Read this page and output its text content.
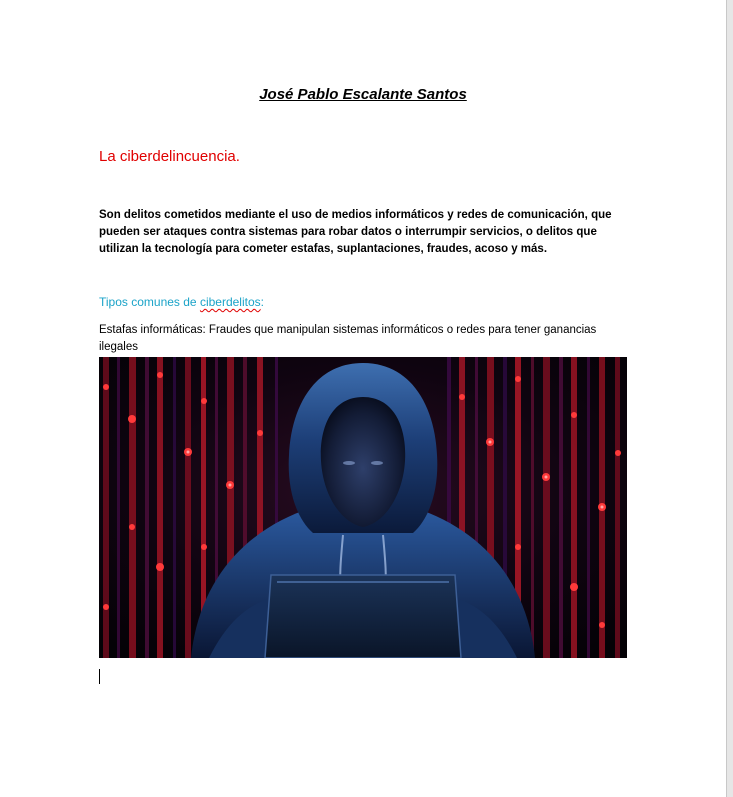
José Pablo Escalante Santos
La ciberdelincuencia.
Son delitos cometidos mediante el uso de medios informáticos y redes de comunicación, que pueden ser ataques contra sistemas para robar datos o interrumpir servicios, o delitos que utilizan la tecnología para cometer estafas, suplantaciones, fraudes, acoso y más.
Tipos comunes de ciberdelitos:
Estafas informáticas: Fraudes que manipulan sistemas informáticos o redes para tener ganancias ilegales
